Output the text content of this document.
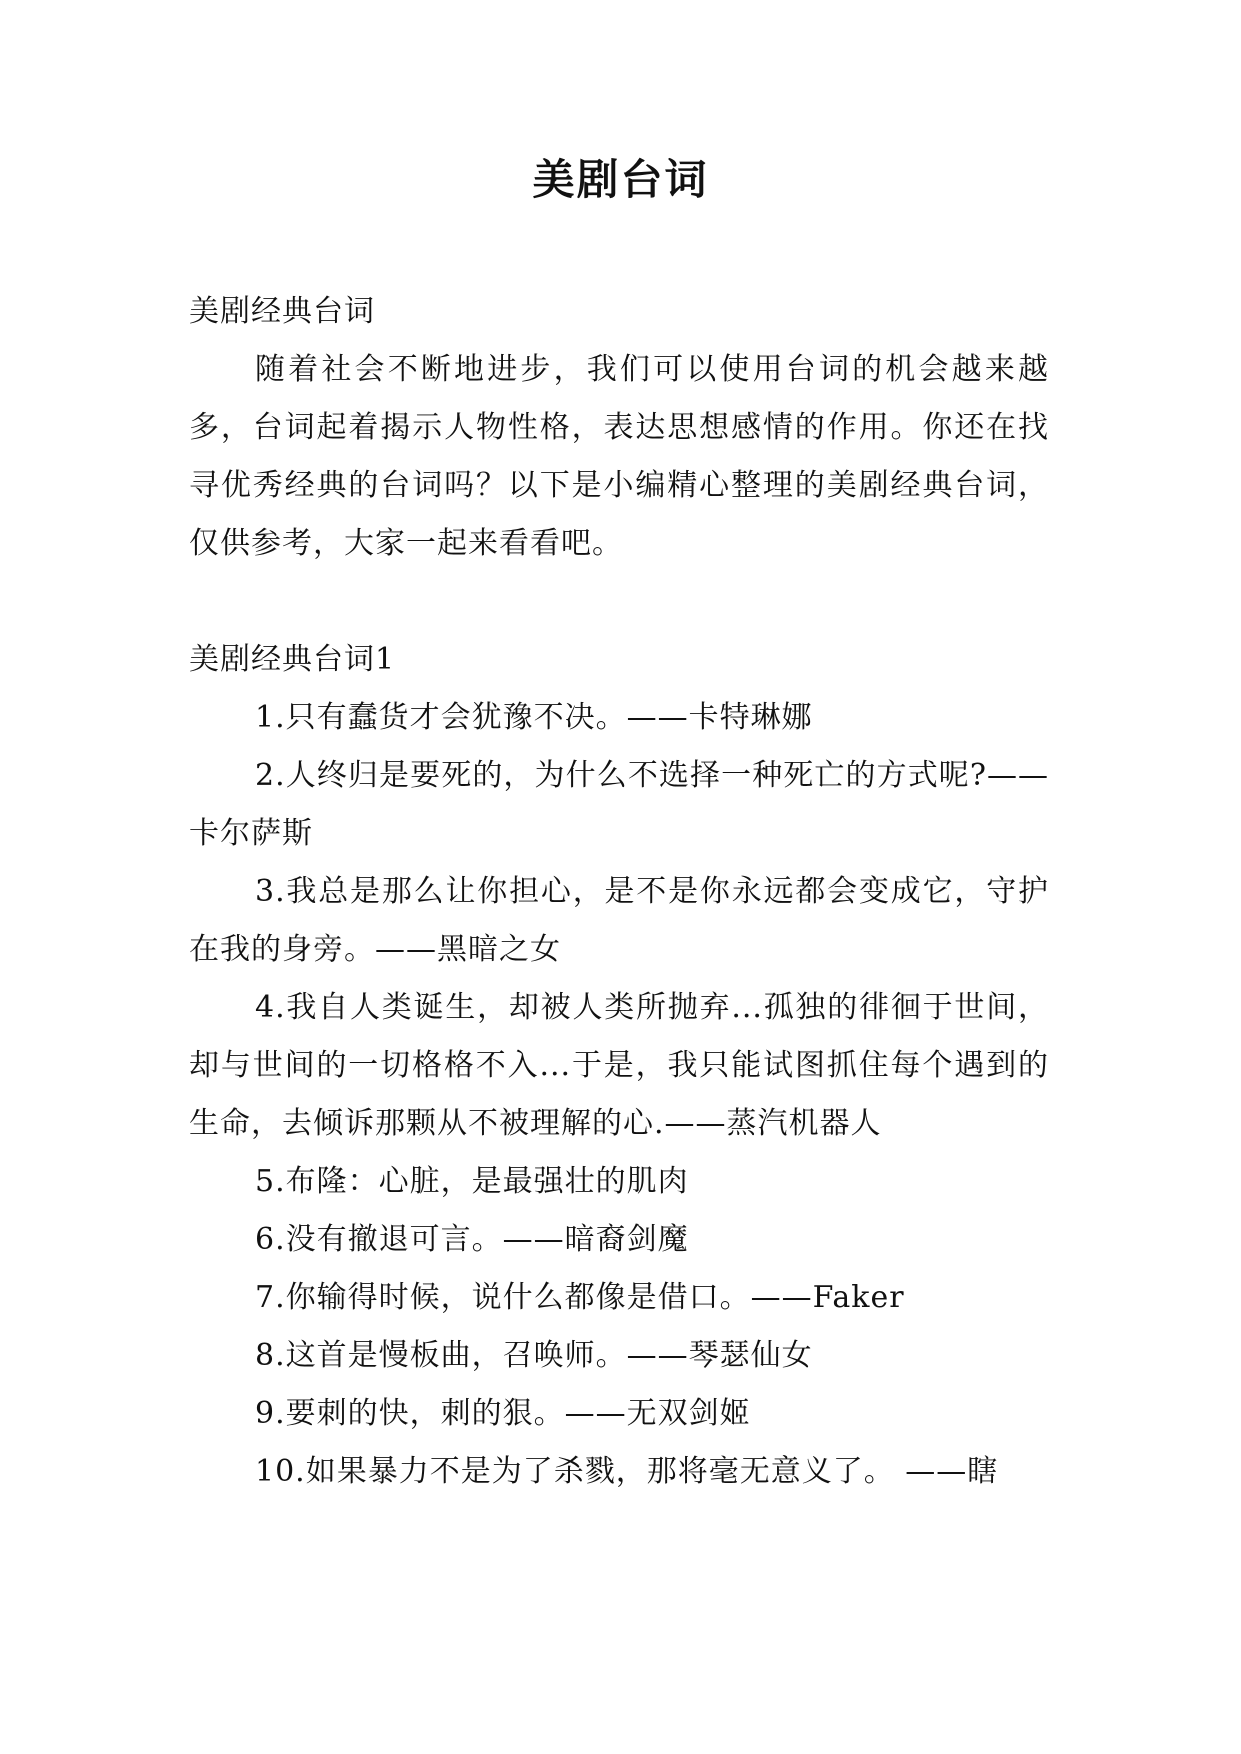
美剧台词

美剧经典台词

随着社会不断地进步，我们可以使用台词的机会越来越多，台词起着揭示人物性格，表达思想感情的作用。你还在找寻优秀经典的台词吗？以下是小编精心整理的美剧经典台词，仅供参考，大家一起来看看吧。

美剧经典台词1

1.只有蠢货才会犹豫不决。——卡特琳娜

2.人终归是要死的，为什么不选择一种死亡的方式呢?——卡尔萨斯

3.我总是那么让你担心，是不是你永远都会变成它，守护在我的身旁。——黑暗之女

4.我自人类诞生，却被人类所抛弃...孤独的徘徊于世间，却与世间的一切格格不入...于是，我只能试图抓住每个遇到的生命，去倾诉那颗从不被理解的心.——蒸汽机器人

5.布隆：心脏，是最强壮的肌肉

6.没有撤退可言。——暗裔剑魔

7.你输得时候，说什么都像是借口。——Faker

8.这首是慢板曲，召唤师。——琴瑟仙女

9.要刺的快，刺的狠。——无双剑姬

10.如果暴力不是为了杀戮，那将毫无意义了。 ——瞎
